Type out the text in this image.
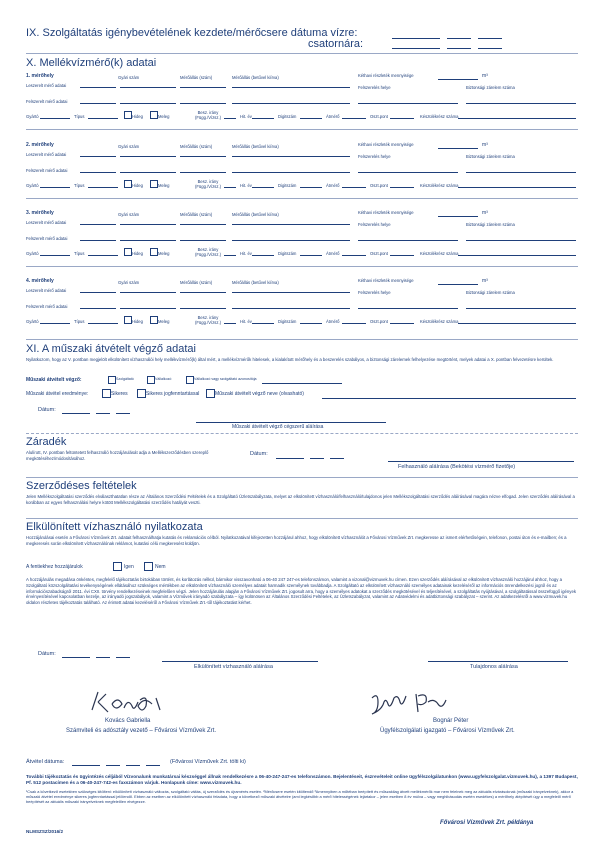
IX. Szolgáltatás igénybevételének kezdete/mérőcsere dátuma vízre:
csatornára:
X. Mellékvízmérő(k) adatai
1. mérőhely	Gyári szám	Mérőállás (szám)	Mérőállás (betűvel kiírva)	Kéthavi részleték mennyisége	m³
Leszerelt mérő adatai	Felszerelés helye	Biztonsági zárelem száma
Felszerelt mérő adatai
Gyártó	Típus	Hideg	Meleg
Besz. irány (Függ./Vízsz.)	Hit. év	Digitszám	Átmérő	Oszt.pont	Készülékrész száma
2. mérőhely	Gyári szám	Mérőállás (szám)	Mérőállás (betűvel kiírva)	Kéthavi részleték mennyisége	m³
Leszerelt mérő adatai	Felszerelés helye	Biztonsági zárelem száma
Felszerelt mérő adatai
Gyártó	Típus	Hideg	Meleg
Besz. irány (Függ./Vízsz.)	Hit. év	Digitszám	Átmérő	Oszt.pont	Készülékrész száma
3. mérőhely	Gyári szám	Mérőállás (szám)	Mérőállás (betűvel kiírva)	Kéthavi részleték mennyisége	m³
Leszerelt mérő adatai	Felszerelés helye	Biztonsági zárelem száma
Felszerelt mérő adatai
Gyártó	Típus	Hideg	Meleg
Besz. irány (Függ./Vízsz.)	Hit. év	Digitszám	Átmérő	Oszt.pont	Készülékrész száma
4. mérőhely	Gyári szám	Mérőállás (szám)	Mérőállás (betűvel kiírva)	Kéthavi részleték mennyisége	m³
Leszerelt mérő adatai	Felszerelés helye	Biztonsági zárelem száma
Felszerelt mérő adatai
Gyártó	Típus	Hideg	Meleg
Besz. irány (Függ./Vízsz.)	Hit. év	Digitszám	Átmérő	Oszt.pont	Készülékrész száma
XI. A műszaki átvételt végző adatai
Nyilatkozom, hogy az V. pontban megjelölt elkülönített vízhasználói hely mellékvízmérő(k) által mért, a mellékvízmérők hitelesek, a kialakított mérőhely és a beszerelés szabályos, a biztonsági zárelemek felhelyezése megtörtént, melyek adatai a X. pontban felvezetésre kerültek.
Műszaki átvételt végző:	Szolgáltató	Vállalkozó	Vállalkozó vagy szolgáltató azonosítója
Műszaki átvétel eredménye:	Sikeres	Sikeres jogfenntartással	Műszaki átvételt végző neve (olvasható)
Dátum:
Műszaki átvételt végző cégszerű aláírása
Záradék
Alulírott, IV. pontban feltüntetett felhasználó hozzájárulását adja a Mellékszerződésben szereplő megkötéséhez/módosításához.
Dátum:
Felhasználó aláírása (Bekötési vízmérő fizetője)
Szerződéses feltételek
Jelen Mellékszolgáltatási szerződés elválaszthatatlan része az Általános Szerződési Feltételek és a Szolgáltató Üzletszabályzata, melyet az elkülönített vízhasználó/felhasználó/tulajdonos jelen Mellékszolgáltatási szerződés aláírásával magára nézve elfogad. Jelen szerződés aláírásával a korábban az egyes felhasználási helyre kötött Mellékszolgáltatási szerződés hatályát veszti.
Elkülönített vízhasználó nyilatkozata
Hozzájárulásai esetén a Fővárosi Vízművek Zrt. adatait felhasználhatja kutatás és reklamációs célból. Nyilatkozatával kifejezetten hozzájárul ahhoz, hogy elkülönített vízhasználót a Fővárosi Vízművek Zrt. megkeresse az ismert elérhetőségein, telefonon, postai úton és e-mailben; és a megkeresés során elkülönített vízhasználónak reklámot, kutatási célú megkeresést küldjön.
A fentiekhez hozzájárulok	Igen	Nem
A hozzájárulás megadása önkéntes, megfelelő tájékoztatás birtokában történt, és korlátozás nélkül, bármikor visszavonható a 06-40 247 247-es telefonszámon, valamint a vizonal@vizmuvek.hu címen. Ezen szerződés aláírásával az elkülönített vízhasználó hozzájárul ahhoz, hogy a Szolgáltató közszolgáltatási tevékenységének ellátásához szükséges mértékben az elkülönített vízhasználó személyes adatait harmadik személynek továbbadja. A Szolgáltató az elkülönített vízhasználó személyes adatainak kezeléséről az információs önrendelkezési jogról és az információszabadságról 2011. évi CXII. törvény rendelkezéseinek megfelelően végzi. Jelen hozzájárulás alapján a Fővárosi Vízművek Zrt. jogosult arra, hogy a személyes adatokat a szerződés megkötésével és teljesítésével, a szolgáltatás nyújtásával, a szolgáltatással összefüggő igények érvényesítésével kapcsolatban kezelje, az irányadó jogszabályok, valamint a Vízművek irányadó szabályzata – így különösen az Általános Szerződési Feltételek, az Üzletszabályzat, valamint az Adatvédelmi és adatbiztonsági szabályzat – szerint. Az adatkezelésről a www.vizmuvek.hu oldalon részletes tájékoztatás található. Az érintett adatai kezeléséről a Fővárosi Vízművek Zrt.-től tájékoztatást kérhet.
Dátum:
Elkülönített vízhasználó aláírása	Tulajdonos aláírása
Kovács Gabriella
Számviteli és adósztály vezető – Fővárosi Vízművek Zrt.
Bognár Péter
Ügyfélszolgálati igazgató – Fővárosi Vízművek Zrt.
Átvétel dátuma:	(Fővárosi Vízművek Zrt. tölti ki)
További tájékoztatás és ügyintézés céljából Vízvonalunk munkatársai készséggel állnak rendelkezésre a 06-40-247-247-es telefonszámon. Bejelentéseit, észrevételeit online ügyfélszolgálatunkon (www.ugyfelszolgalat.vizmuvek.hu), a 1397 Budapest, Pf. 512 postacímen és a 06-40-247-742-es faxszámon várjuk. Honlapunk címe: www.vizmuvek.hu.
¹Csak a következő esetekben szükséges kitölteni: elkülönített vízhasználó változás, szolgáltató váltás, új szerződés és újramérés esetén. ²Mérőcsere esetén kitöltendő ³Amennyiben a műtéban beépített és műszakilag átvett mellékmérők mar nem felelnek meg az aktuális elvárásoknak (műszaki irányelveknek), akkor a műszaki átvétel eredménye sikeres jogfenntartással jelölendő. Ebben az esetben az elkülönített vízhasználó feladata, hogy a következő műszaki átvételre (ami legkésőbb a mérő hitelességének lejártakor – jelen esetben 8 év múlva – vagy meghibásodás esetén esedékes) a mérőhely átépítését úgy a megfelelő mérő beépítését az aktuális műszaki irányelveknek megfelelően elvégezze.
Fővárosi Vízművek Zrt. példánya
NLMSZSZ/2016/2
